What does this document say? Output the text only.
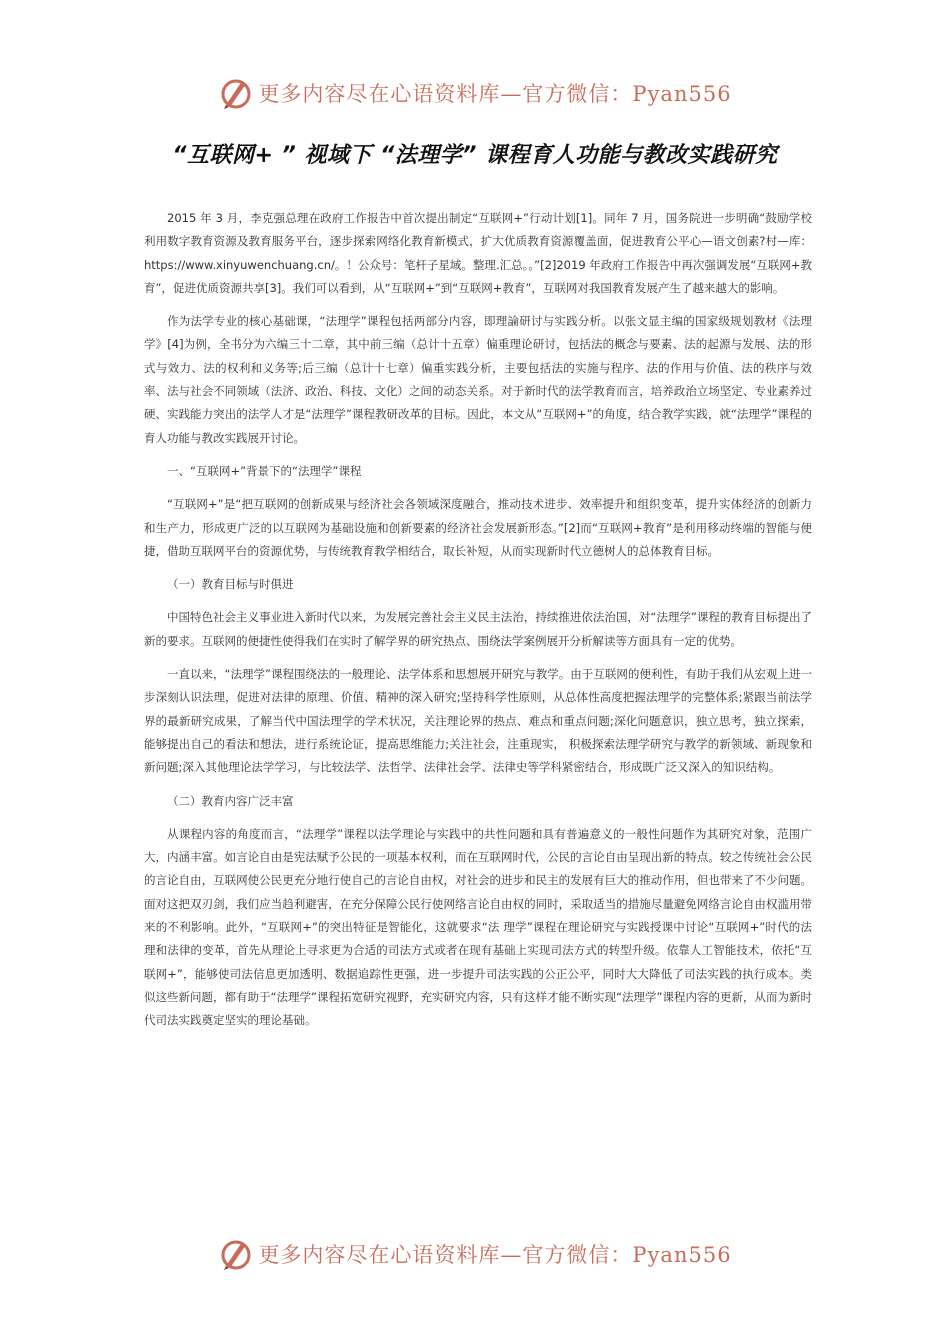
更多内容尽在心语资料库—官方微信：Pyan556
“互联网+ ” 视域下 “法理学” 课程育人功能与教改实践研究

2015 年 3 月，李克强总理在政府工作报告中首次提出制定“互联网+”行动计划[1]。同年 7 月，国务院进一步明确“鼓励学校利用数字教育资源及教育服务平台，逐步探索网络化教育新模式，扩大优质教育资源覆盖面，促进教育公平心—语文创素?村—库：https://www.xinyuwenchuang.cn/。！公众号：笔杆子星域。整理.汇总。。”[2]2019 年政府工作报告中再次强调发展“互联网+教育”，促进优质资源共享[3]。我们可以看到，从“互联网+”到“互联网+教育”，互联网对我国教育发展产生了越来越大的影响。

作为法学专业的核心基础课，“法理学”课程包括两部分内容，即理論研讨与实践分析。以张文显主编的国家级规划教材《法理学》[4]为例，全书分为六编三十二章，其中前三编（总计十五章）偏重理论研讨，包括法的概念与要素、法的起源与发展、法的形式与效力、法的权利和义务等;后三编（总计十七章）偏重实践分析，主要包括法的实施与程序、法的作用与价值、法的秩序与效率、法与社会不同领域（法济、政治、科技、文化）之间的动态关系。对于新时代的法学教育而言，培养政治立场坚定、专业素养过硬、实践能力突出的法学人才是“法理学”课程教研改革的目标。因此，本文从“互联网+”的角度，结合教学实践，就“法理学”课程的育人功能与教改实践展开讨论。

一、“互联网+”背景下的“法理学”课程

“互联网+”是“把互联网的创新成果与经济社会各领域深度融合，推动技术进步、效率提升和组织变革，提升实体经济的创新力和生产力，形成更广泛的以互联网为基础设施和创新要素的经济社会发展新形态。”[2]而“互联网+教育”是利用移动终端的智能与便捷，借助互联网平台的资源优势，与传统教育教学相结合，取长补短，从而实现新时代立德树人的总体教育目标。

（一）教育目标与时俱进

中国特色社会主义事业进入新时代以来，为发展完善社会主义民主法治，持续推进依法治国，对“法理学”课程的教育目标提出了新的要求。互联网的便捷性使得我们在实时了解学界的研究热点、围绕法学案例展开分析解读等方面具有一定的优势。

一直以来，“法理学”课程围绕法的一般理论、法学体系和思想展开研究与教学。由于互联网的便利性，有助于我们从宏观上进一步深刻认识法理，促进对法律的原理、价值、精神的深入研究;坚持科学性原则，从总体性高度把握法理学的完整体系;紧跟当前法学界的最新研究成果，了解当代中国法理学的学术状况，关注理论界的热点、难点和重点问题;深化问题意识，独立思考，独立探索，能够提出自己的看法和想法，进行系统论证，提高思维能力;关注社会，注重现实， 积极探索法理学研究与教学的新领域、新现象和新问题;深入其他理论法学学习，与比较法学、法哲学、法律社会学、法律史等学科紧密结合，形成既广泛又深入的知识结构。

（二）教育内容广泛丰富

从课程内容的角度而言，“法理学”课程以法学理论与实践中的共性问题和具有普遍意义的一般性问题作为其研究对象，范围广大，内涵丰富。如言论自由是宪法赋予公民的一项基本权利，而在互联网时代，公民的言论自由呈现出新的特点。较之传统社会公民的言论自由，互联网使公民更充分地行使自己的言论自由权，对社会的进步和民主的发展有巨大的推动作用，但也带来了不少问题。面对这把双刃剑，我们应当趋利避害，在充分保障公民行使网络言论自由权的同时，采取适当的措施尽量避免网络言论自由权滥用带来的不利影响。此外，“互联网+”的突出特征是智能化，这就要求“法 理学”课程在理论研究与实践授课中讨论“互联网+”时代的法理和法律的变革，首先从理论上寻求更为合适的司法方式或者在现有基础上实现司法方式的转型升级。依靠人工智能技术，依托“互联网+”，能够使司法信息更加透明、数据追踪性更强，进一步提升司法实践的公正公平，同时大大降低了司法实践的执行成本。类似这些新问题，都有助于“法理学”课程拓宽研究视野，充实研究内容，只有这样才能不断实现“法理学”课程内容的更新，从而为新时代司法实践奠定坚实的理论基础。

更多内容尽在心语资料库—官方微信：Pyan556
